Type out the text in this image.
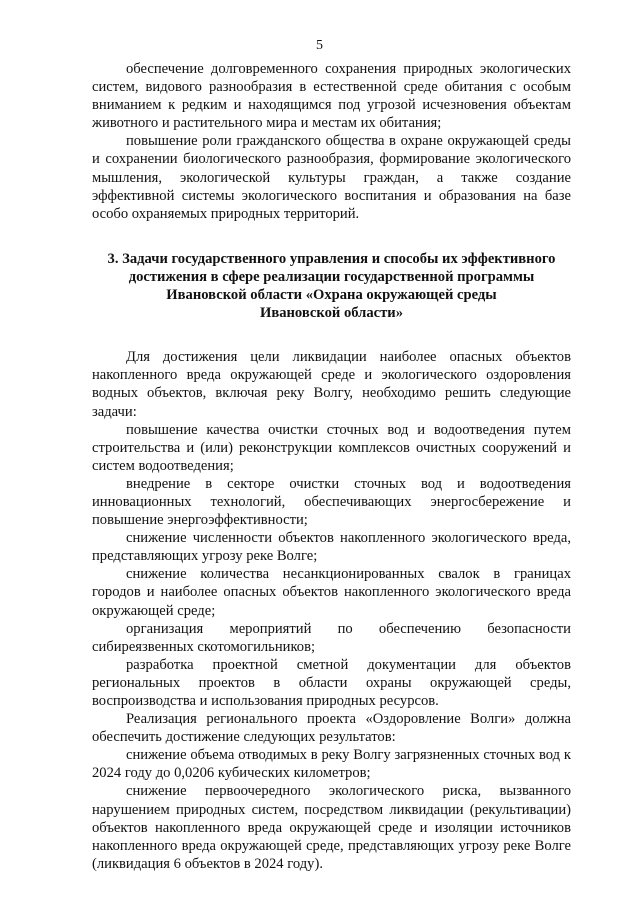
5

обеспечение долговременного сохранения природных экологических систем, видового разнообразия в естественной среде обитания с особым вниманием к редким и находящимся под угрозой исчезновения объектам животного и растительного мира и местам их обитания;

повышение роли гражданского общества в охране окружающей среды и сохранении биологического разнообразия, формирование экологического мышления, экологической культуры граждан, а также создание эффективной системы экологического воспитания и образования на базе особо охраняемых природных территорий.

3. Задачи государственного управления и способы их эффективного
достижения в сфере реализации государственной программы
Ивановской области «Охрана окружающей среды
Ивановской области»

Для достижения цели ликвидации наиболее опасных объектов накопленного вреда окружающей среде и экологического оздоровления водных объектов, включая реку Волгу, необходимо решить следующие задачи:

повышение качества очистки сточных вод и водоотведения путем строительства и (или) реконструкции комплексов очистных сооружений и систем водоотведения;

внедрение в секторе очистки сточных вод и водоотведения инновационных технологий, обеспечивающих энергосбережение и повышение энергоэффективности;

снижение численности объектов накопленного экологического вреда, представляющих угрозу реке Волге;

снижение количества несанкционированных свалок в границах городов и наиболее опасных объектов накопленного экологического вреда окружающей среде;

организация мероприятий по обеспечению безопасности сибиреязвенных скотомогильников;

разработка проектной сметной документации для объектов региональных проектов в области охраны окружающей среды, воспроизводства и использования природных ресурсов.

Реализация регионального проекта «Оздоровление Волги» должна обеспечить достижение следующих результатов:

снижение объема отводимых в реку Волгу загрязненных сточных вод к 2024 году до 0,0206 кубических километров;

снижение первоочередного экологического риска, вызванного нарушением природных систем, посредством ликвидации (рекультивации) объектов накопленного вреда окружающей среде и изоляции источников накопленного вреда окружающей среде, представляющих угрозу реке Волге (ликвидация 6 объектов в 2024 году).
